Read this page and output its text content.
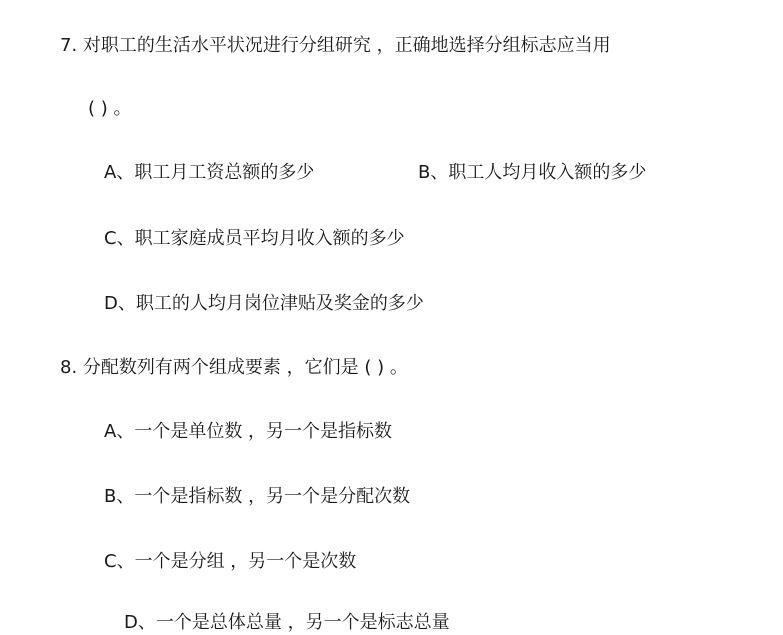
7. 对职工的生活水平状况进行分组研究 ，正确地选择分组标志应当用
( ) 。
A、职工月工资总额的多少	B、职工人均月收入额的多少
C、职工家庭成员平均月收入额的多少
D、职工的人均月岗位津贴及奖金的多少
8. 分配数列有两个组成要素 ，它们是 ( ) 。
A、一个是单位数 ，另一个是指标数
B、一个是指标数 ，另一个是分配次数
C、一个是分组 ，另一个是次数
D、一个是总体总量 ，另一个是标志总量
